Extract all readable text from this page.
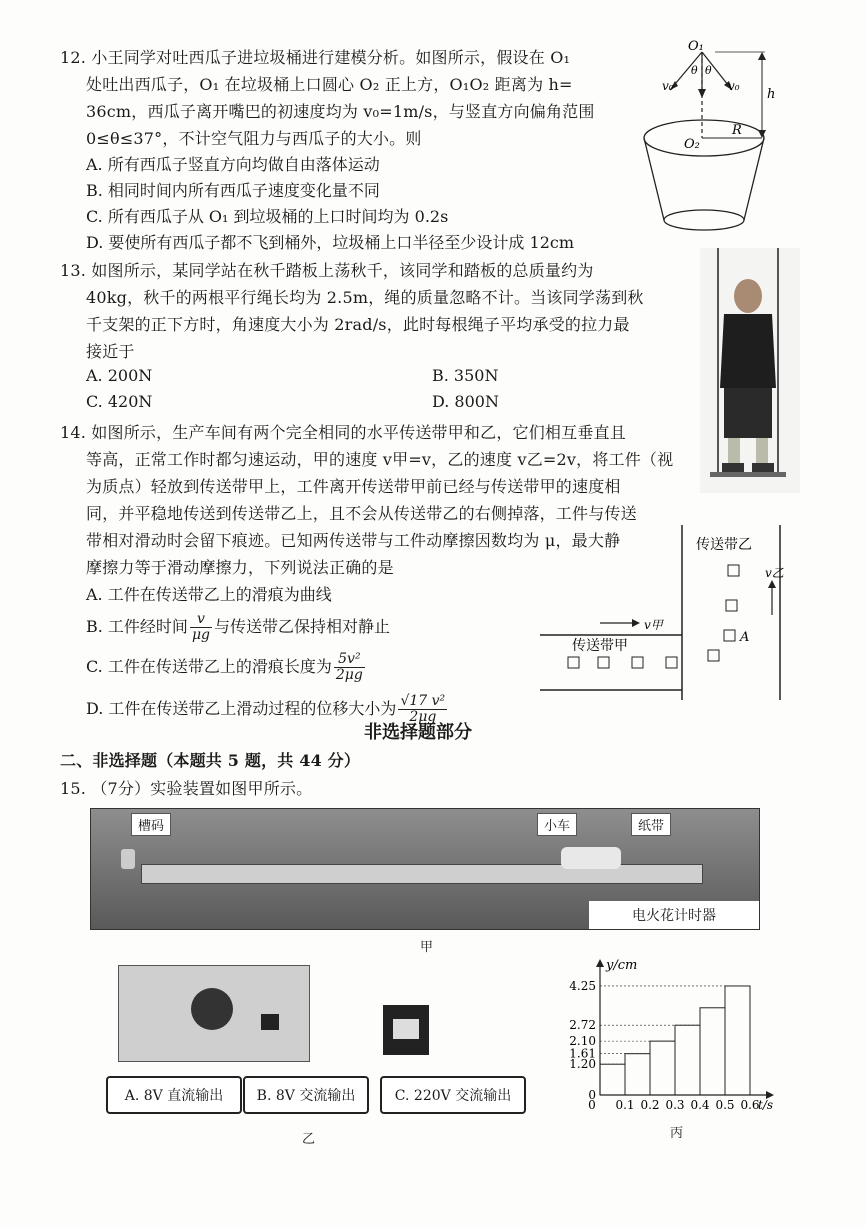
12. 小王同学对吐西瓜子进垃圾桶进行建模分析。如图所示，假设在 O₁
处吐出西瓜子，O₁ 在垃圾桶上口圆心 O₂ 正上方，O₁O₂ 距离为 h=
36cm，西瓜子离开嘴巴的初速度均为 v₀=1m/s，与竖直方向偏角范围
0≤θ≤37°，不计空气阻力与西瓜子的大小。则
A. 所有西瓜子竖直方向均做自由落体运动
B. 相同时间内所有西瓜子速度变化量不同
C. 所有西瓜子从 O₁ 到垃圾桶的上口时间均为 0.2s
D. 要使所有西瓜子都不飞到桶外，垃圾桶上口半径至少设计成 12cm
O₁
O₂
v₀	v₀
θ θ
h
R
13. 如图所示，某同学站在秋千踏板上荡秋千，该同学和踏板的总质量约为
40kg，秋千的两根平行绳长均为 2.5m，绳的质量忽略不计。当该同学荡到秋
千支架的正下方时，角速度大小为 2rad/s，此时每根绳子平均承受的拉力最
接近于
A. 200N	B. 350N
C. 420N	D. 800N
14. 如图所示，生产车间有两个完全相同的水平传送带甲和乙，它们相互垂直且
等高，正常工作时都匀速运动，甲的速度 v甲=v，乙的速度 v乙=2v，将工件（视
为质点）轻放到传送带甲上，工件离开传送带甲前已经与传送带甲的速度相
同，并平稳地传送到传送带乙上，且不会从传送带乙的右侧掉落，工件与传送
带相对滑动时会留下痕迹。已知两传送带与工件动摩擦因数均为 μ，最大静
摩擦力等于滑动摩擦力，下列说法正确的是
A. 工件在传送带乙上的滑痕为曲线
B. 工件经时间 $\frac{v}{\mu g}$ 与传送带乙保持相对静止
C. 工件在传送带乙上的滑痕长度为 $\frac{\text{5v²}}{2\mu g}$
D. 工件在传送带乙上滑动过程的位移大小为 $\frac{\text{√17 v²}}{2\mu g}$
传送带乙
传送带甲
v甲
v乙
A
非选择题部分
二、非选择题（本题共 5 题，共 44 分）
15. （7分）实验装置如图甲所示。
槽码	小车	纸带
电火花计时器
甲
A. 8V 直流输出	B. 8V 交流输出	C. 220V 交流输出
乙
0
1.20
1.61
2.10
2.72
4.25
0 0.1 0.2 0.3 0.4 0.5 0.6
y/cm
t/s
丙
